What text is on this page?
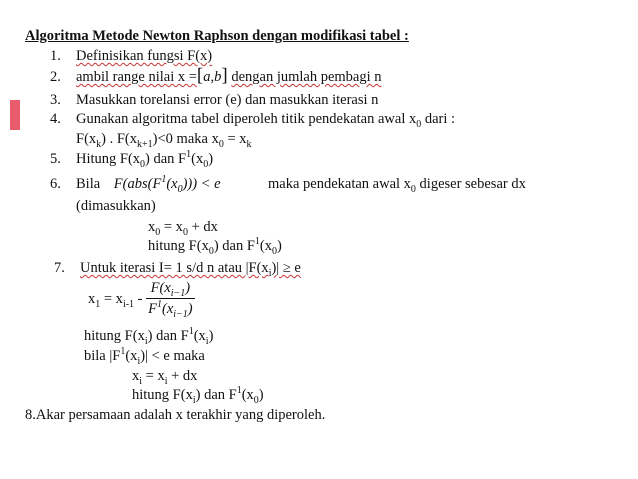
Algoritma Metode Newton Raphson dengan modifikasi tabel :
1. Definisikan fungsi F(x)
2. ambil range nilai x =[a,b] dengan jumlah pembagi n
3. Masukkan torelansi error (e) dan masukkan iterasi n
4. Gunakan algoritma tabel diperoleh titik pendekatan awal $x_0$ dari :
$F(x_k)$ . $F(x_{k+1})<0$ maka $x_0 = x_k$
5. Hitung $F(x_0)$ dan $F^1(x_0)$
6. Bila $F(abs(F^1(x_0))) < e$	maka pendekatan awal $x_0$ digeser sebesar dx
(dimasukkan)
$x_0 = x_0$ + dx
hitung $F(x_0)$ dan $F^1(x_0)$
7. Untuk iterasi I= 1 s/d n atau $|F(x_i)| \ge e$
$x_1 = x_{i-1} - \frac{F(x_{i-1})}{F^1(x_{i-1})}$
hitung $F(x_i)$ dan $F^1(x_i)$
bila $|F^1(x_i)| < e$ maka
$x_i = x_i$ + dx
hitung $F(x_i)$ dan $F^1(x_0)$
8.Akar persamaan adalah x terakhir yang diperoleh.
